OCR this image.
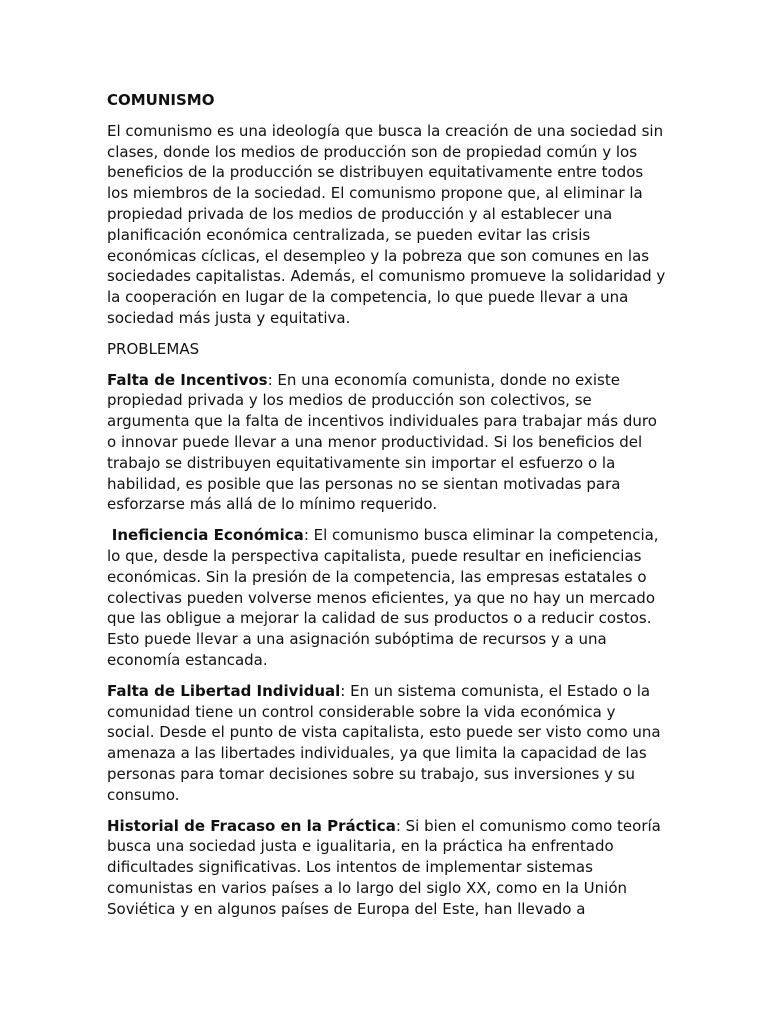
COMUNISMO
El comunismo es una ideología que busca la creación de una sociedad sin clases, donde los medios de producción son de propiedad común y los beneficios de la producción se distribuyen equitativamente entre todos los miembros de la sociedad. El comunismo propone que, al eliminar la propiedad privada de los medios de producción y al establecer una planificación económica centralizada, se pueden evitar las crisis económicas cíclicas, el desempleo y la pobreza que son comunes en las sociedades capitalistas. Además, el comunismo promueve la solidaridad y la cooperación en lugar de la competencia, lo que puede llevar a una sociedad más justa y equitativa.
PROBLEMAS
Falta de Incentivos: En una economía comunista, donde no existe propiedad privada y los medios de producción son colectivos, se argumenta que la falta de incentivos individuales para trabajar más duro o innovar puede llevar a una menor productividad. Si los beneficios del trabajo se distribuyen equitativamente sin importar el esfuerzo o la habilidad, es posible que las personas no se sientan motivadas para esforzarse más allá de lo mínimo requerido.
Ineficiencia Económica: El comunismo busca eliminar la competencia, lo que, desde la perspectiva capitalista, puede resultar en ineficiencias económicas. Sin la presión de la competencia, las empresas estatales o colectivas pueden volverse menos eficientes, ya que no hay un mercado que las obligue a mejorar la calidad de sus productos o a reducir costos. Esto puede llevar a una asignación subóptima de recursos y a una economía estancada.
Falta de Libertad Individual: En un sistema comunista, el Estado o la comunidad tiene un control considerable sobre la vida económica y social. Desde el punto de vista capitalista, esto puede ser visto como una amenaza a las libertades individuales, ya que limita la capacidad de las personas para tomar decisiones sobre su trabajo, sus inversiones y su consumo.
Historial de Fracaso en la Práctica: Si bien el comunismo como teoría busca una sociedad justa e igualitaria, en la práctica ha enfrentado dificultades significativas. Los intentos de implementar sistemas comunistas en varios países a lo largo del siglo XX, como en la Unión Soviética y en algunos países de Europa del Este, han llevado a
